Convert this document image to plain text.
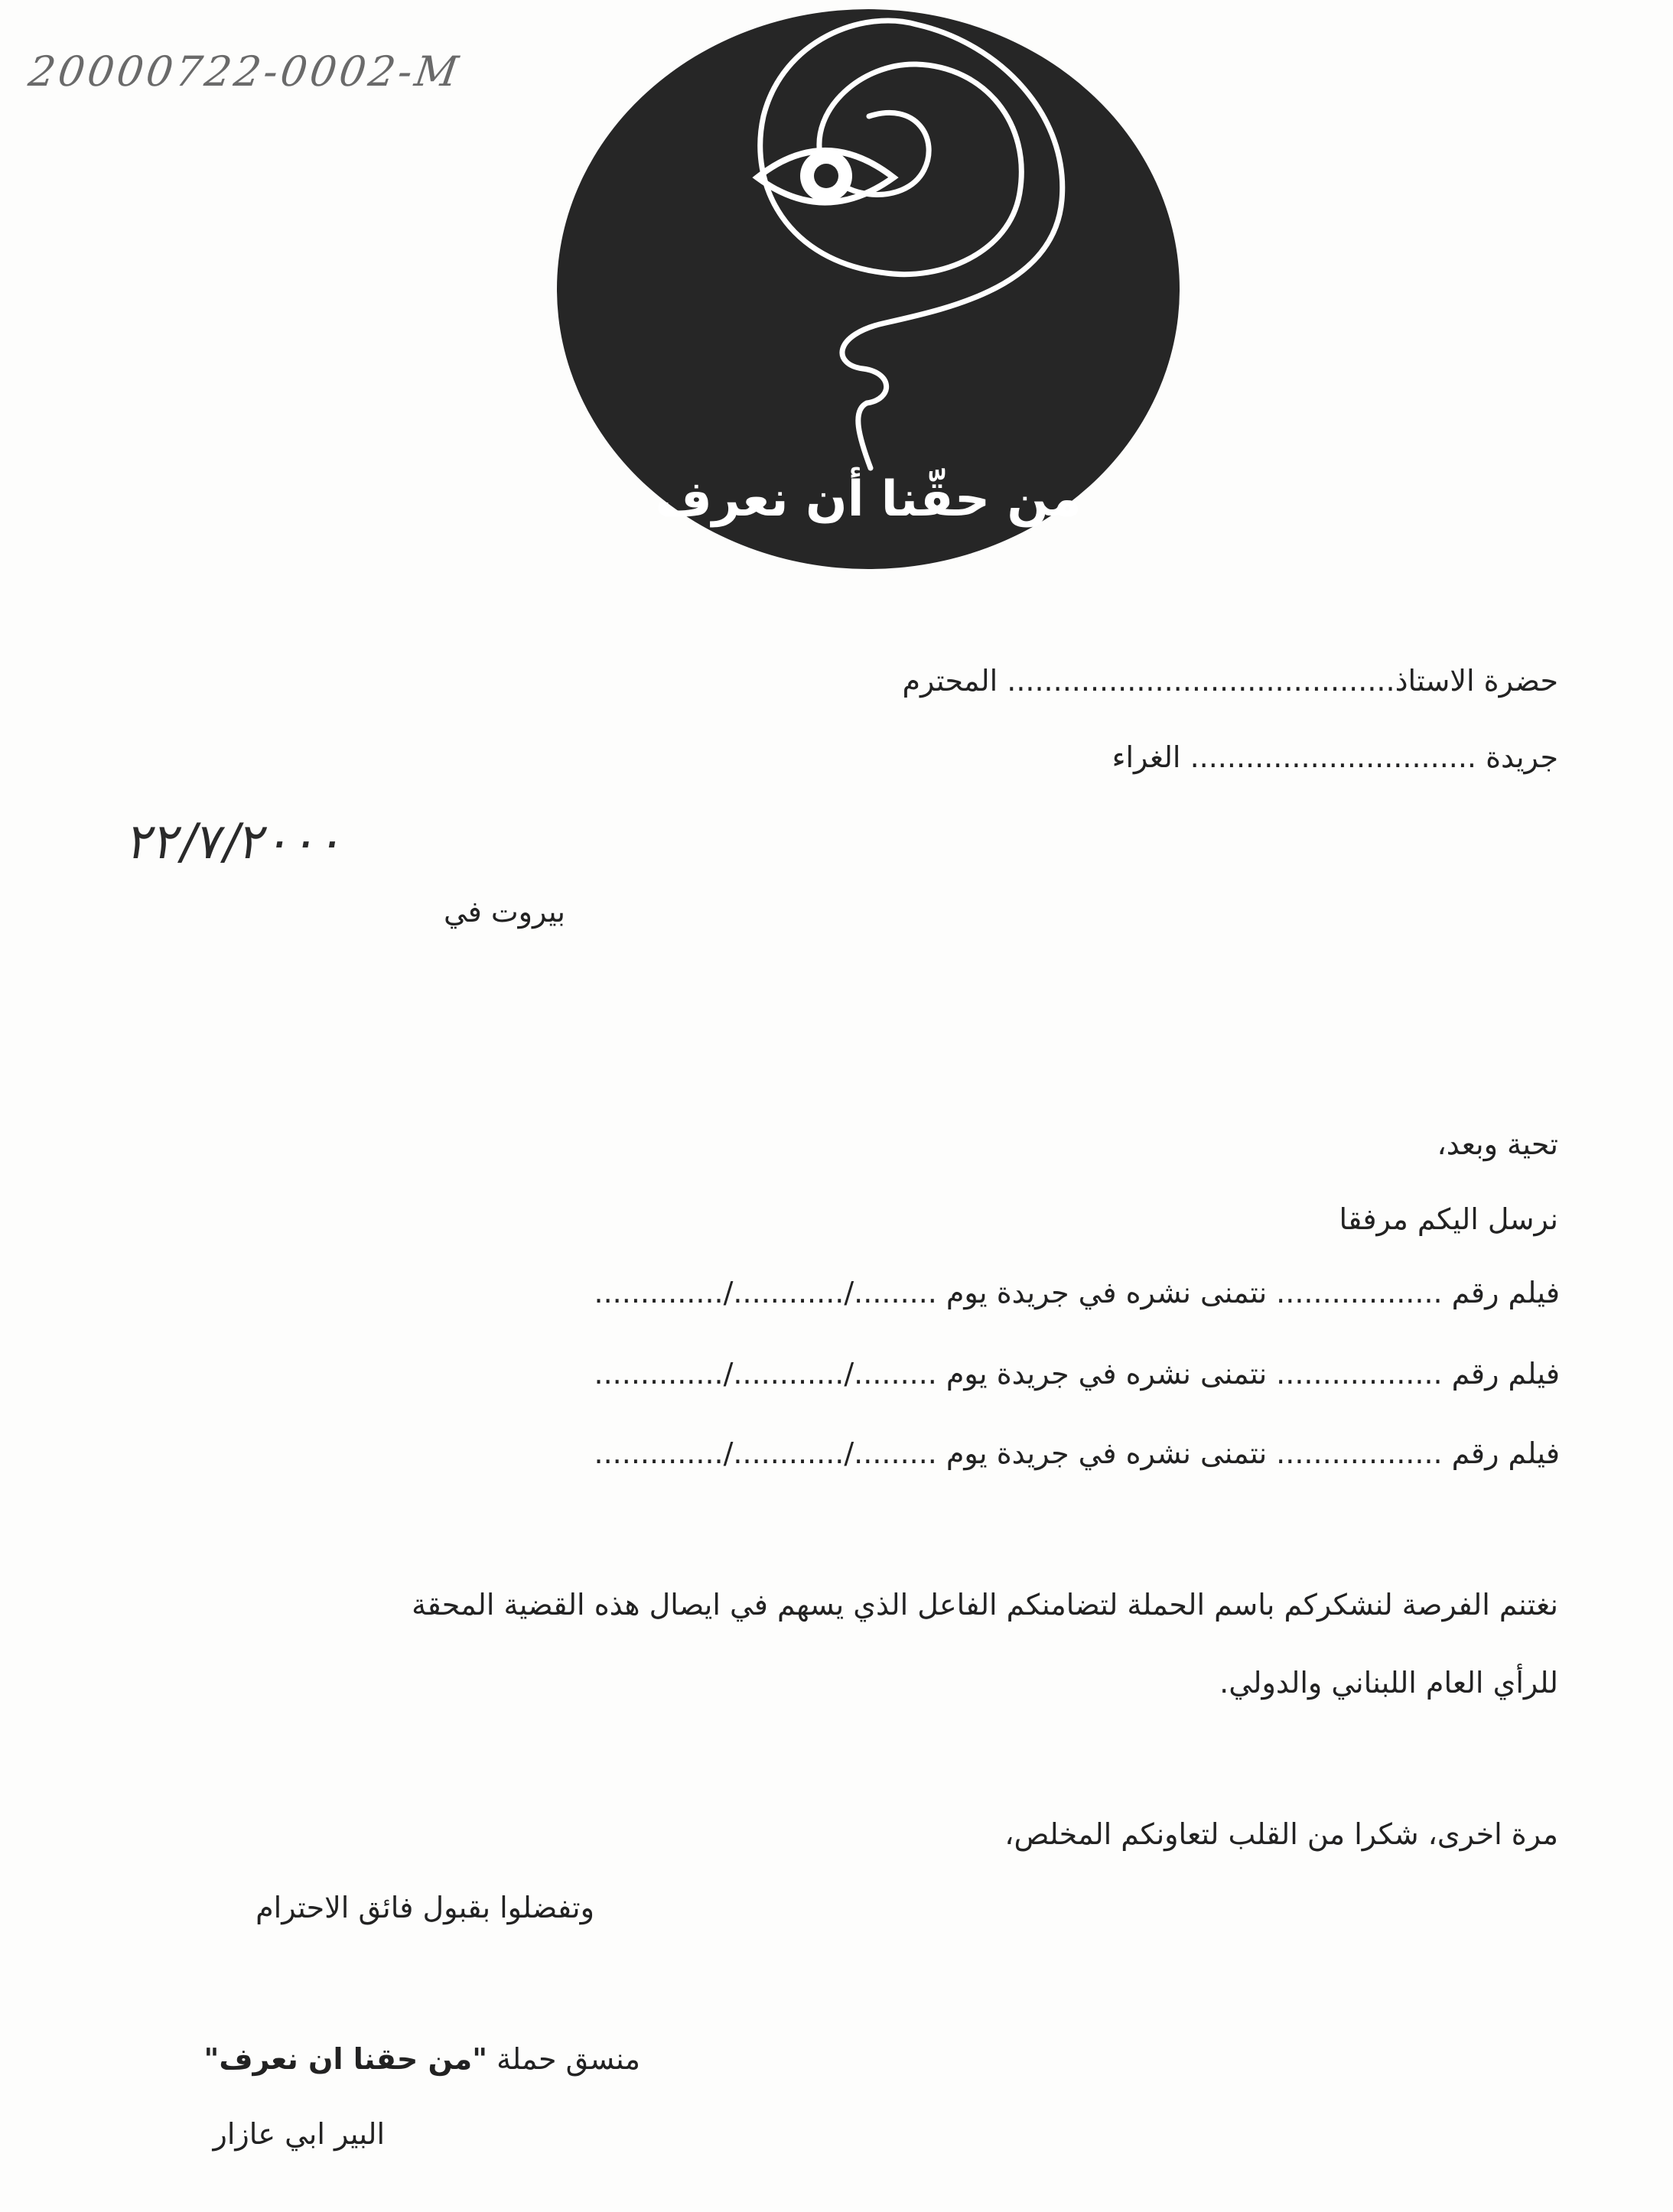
20000722-0002-M
من حقّنا أن نعرف
حضرة الاستاذ.......................................... المحترم
جريدة ............................... الغراء
٢٢/٧/٢٠٠٠
بيروت في
تحية وبعد،
نرسل اليكم مرفقا
فيلم رقم..................نتمنى نشره في جريدة يوم........./............/..............
فيلم رقم..................نتمنى نشره في جريدة يوم........./............/..............
فيلم رقم..................نتمنى نشره في جريدة يوم........./............/..............
نغتنم الفرصة لنشكركم باسم الحملة لتضامنكم الفاعل الذي يسهم في ايصال هذه القضية المحقة
للرأي العام اللبناني والدولي.
مرة اخرى، شكرا من القلب لتعاونكم المخلص،
وتفضلوا بقبول فائق الاحترام
منسق حملة "من حقنا ان نعرف"
البير ابي عازار
